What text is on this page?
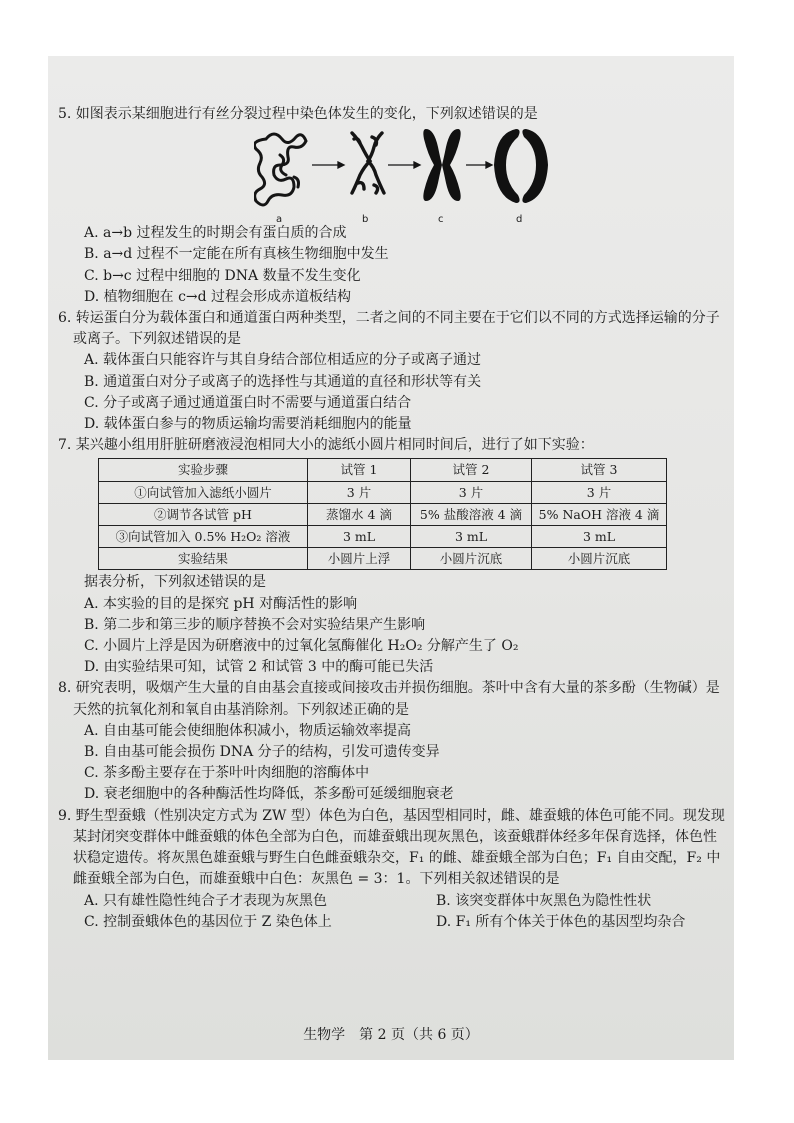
5. 如图表示某细胞进行有丝分裂过程中染色体发生的变化，下列叙述错误的是

a	b	c	d

A. a→b 过程发生的时期会有蛋白质的合成

B. a→d 过程不一定能在所有真核生物细胞中发生

C. b→c 过程中细胞的 DNA 数量不发生变化

D. 植物细胞在 c→d 过程会形成赤道板结构

6. 转运蛋白分为载体蛋白和通道蛋白两种类型，二者之间的不同主要在于它们以不同的方式选择运输的分子或离子。下列叙述错误的是

A. 载体蛋白只能容许与其自身结合部位相适应的分子或离子通过

B. 通道蛋白对分子或离子的选择性与其通道的直径和形状等有关

C. 分子或离子通过通道蛋白时不需要与通道蛋白结合

D. 载体蛋白参与的物质运输均需要消耗细胞内的能量

7. 某兴趣小组用肝脏研磨液浸泡相同大小的滤纸小圆片相同时间后，进行了如下实验：

实验步骤	试管 1	试管 2	试管 3
①向试管加入滤纸小圆片	3 片	3 片	3 片
②调节各试管 pH	蒸馏水 4 滴	5% 盐酸溶液 4 滴	5% NaOH 溶液 4 滴
③向试管加入 0.5% H₂O₂ 溶液	3 mL	3 mL	3 mL
实验结果	小圆片上浮	小圆片沉底	小圆片沉底

据表分析，下列叙述错误的是

A. 本实验的目的是探究 pH 对酶活性的影响

B. 第二步和第三步的顺序替换不会对实验结果产生影响

C. 小圆片上浮是因为研磨液中的过氧化氢酶催化 H₂O₂ 分解产生了 O₂

D. 由实验结果可知，试管 2 和试管 3 中的酶可能已失活

8. 研究表明，吸烟产生大量的自由基会直接或间接攻击并损伤细胞。茶叶中含有大量的茶多酚（生物碱）是天然的抗氧化剂和氧自由基消除剂。下列叙述正确的是

A. 自由基可能会使细胞体积减小，物质运输效率提高

B. 自由基可能会损伤 DNA 分子的结构，引发可遗传变异

C. 茶多酚主要存在于茶叶叶肉细胞的溶酶体中

D. 衰老细胞中的各种酶活性均降低，茶多酚可延缓细胞衰老

9. 野生型蚕蛾（性别决定方式为 ZW 型）体色为白色，基因型相同时，雌、雄蚕蛾的体色可能不同。现发现某封闭突变群体中雌蚕蛾的体色全部为白色，而雄蚕蛾出现灰黑色，该蚕蛾群体经多年保育选择，体色性状稳定遗传。将灰黑色雄蚕蛾与野生白色雌蚕蛾杂交，F₁ 的雌、雄蚕蛾全部为白色；F₁ 自由交配，F₂ 中雌蚕蛾全部为白色，而雄蚕蛾中白色：灰黑色 = 3：1。下列相关叙述错误的是

A. 只有雄性隐性纯合子才表现为灰黑色	B. 该突变群体中灰黑色为隐性性状
C. 控制蚕蛾体色的基因位于 Z 染色体上	D. F₁ 所有个体关于体色的基因型均杂合
生物学　第 2 页（共 6 页）
